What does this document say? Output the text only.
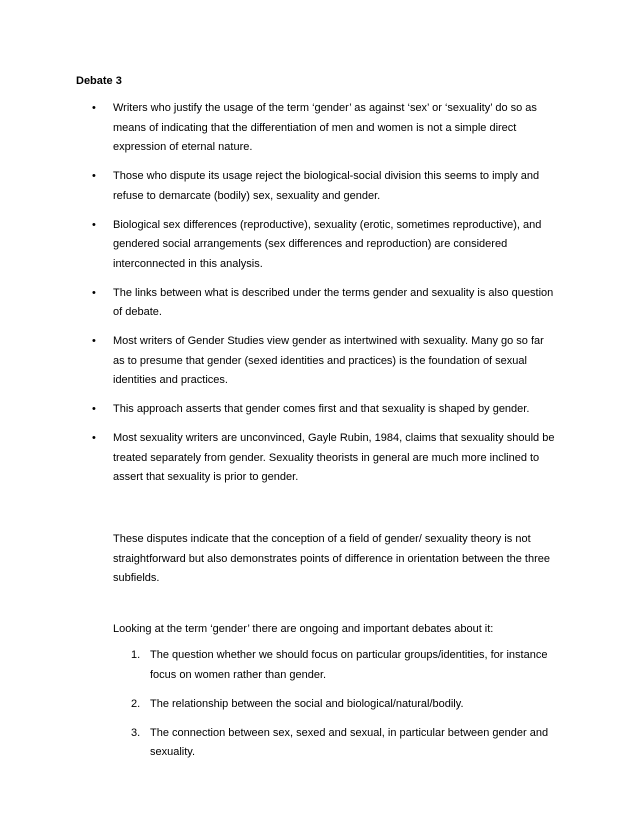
Debate 3
• Writers who justify the usage of the term ‘gender’ as against ‘sex’ or ‘sexuality’ do so as means of indicating that the differentiation of men and women is not a simple direct expression of eternal nature.
• Those who dispute its usage reject the biological-social division this seems to imply and refuse to demarcate (bodily) sex, sexuality and gender.
• Biological sex differences (reproductive), sexuality (erotic, sometimes reproductive), and gendered social arrangements (sex differences and reproduction) are considered interconnected in this analysis.
• The links between what is described under the terms gender and sexuality is also question of debate.
• Most writers of Gender Studies view gender as intertwined with sexuality. Many go so far as to presume that gender (sexed identities and practices) is the foundation of sexual identities and practices.
• This approach asserts that gender comes first and that sexuality is shaped by gender.
• Most sexuality writers are unconvinced, Gayle Rubin, 1984, claims that sexuality should be treated separately from gender. Sexuality theorists in general are much more inclined to assert that sexuality is prior to gender.

These disputes indicate that the conception of a field of gender/ sexuality theory is not straightforward but also demonstrates points of difference in orientation between the three subfields.

Looking at the term ‘gender’ there are ongoing and important debates about it:

1. The question whether we should focus on particular groups/identities, for instance focus on women rather than gender.
2. The relationship between the social and biological/natural/bodily.
3. The connection between sex, sexed and sexual, in particular between gender and sexuality.
